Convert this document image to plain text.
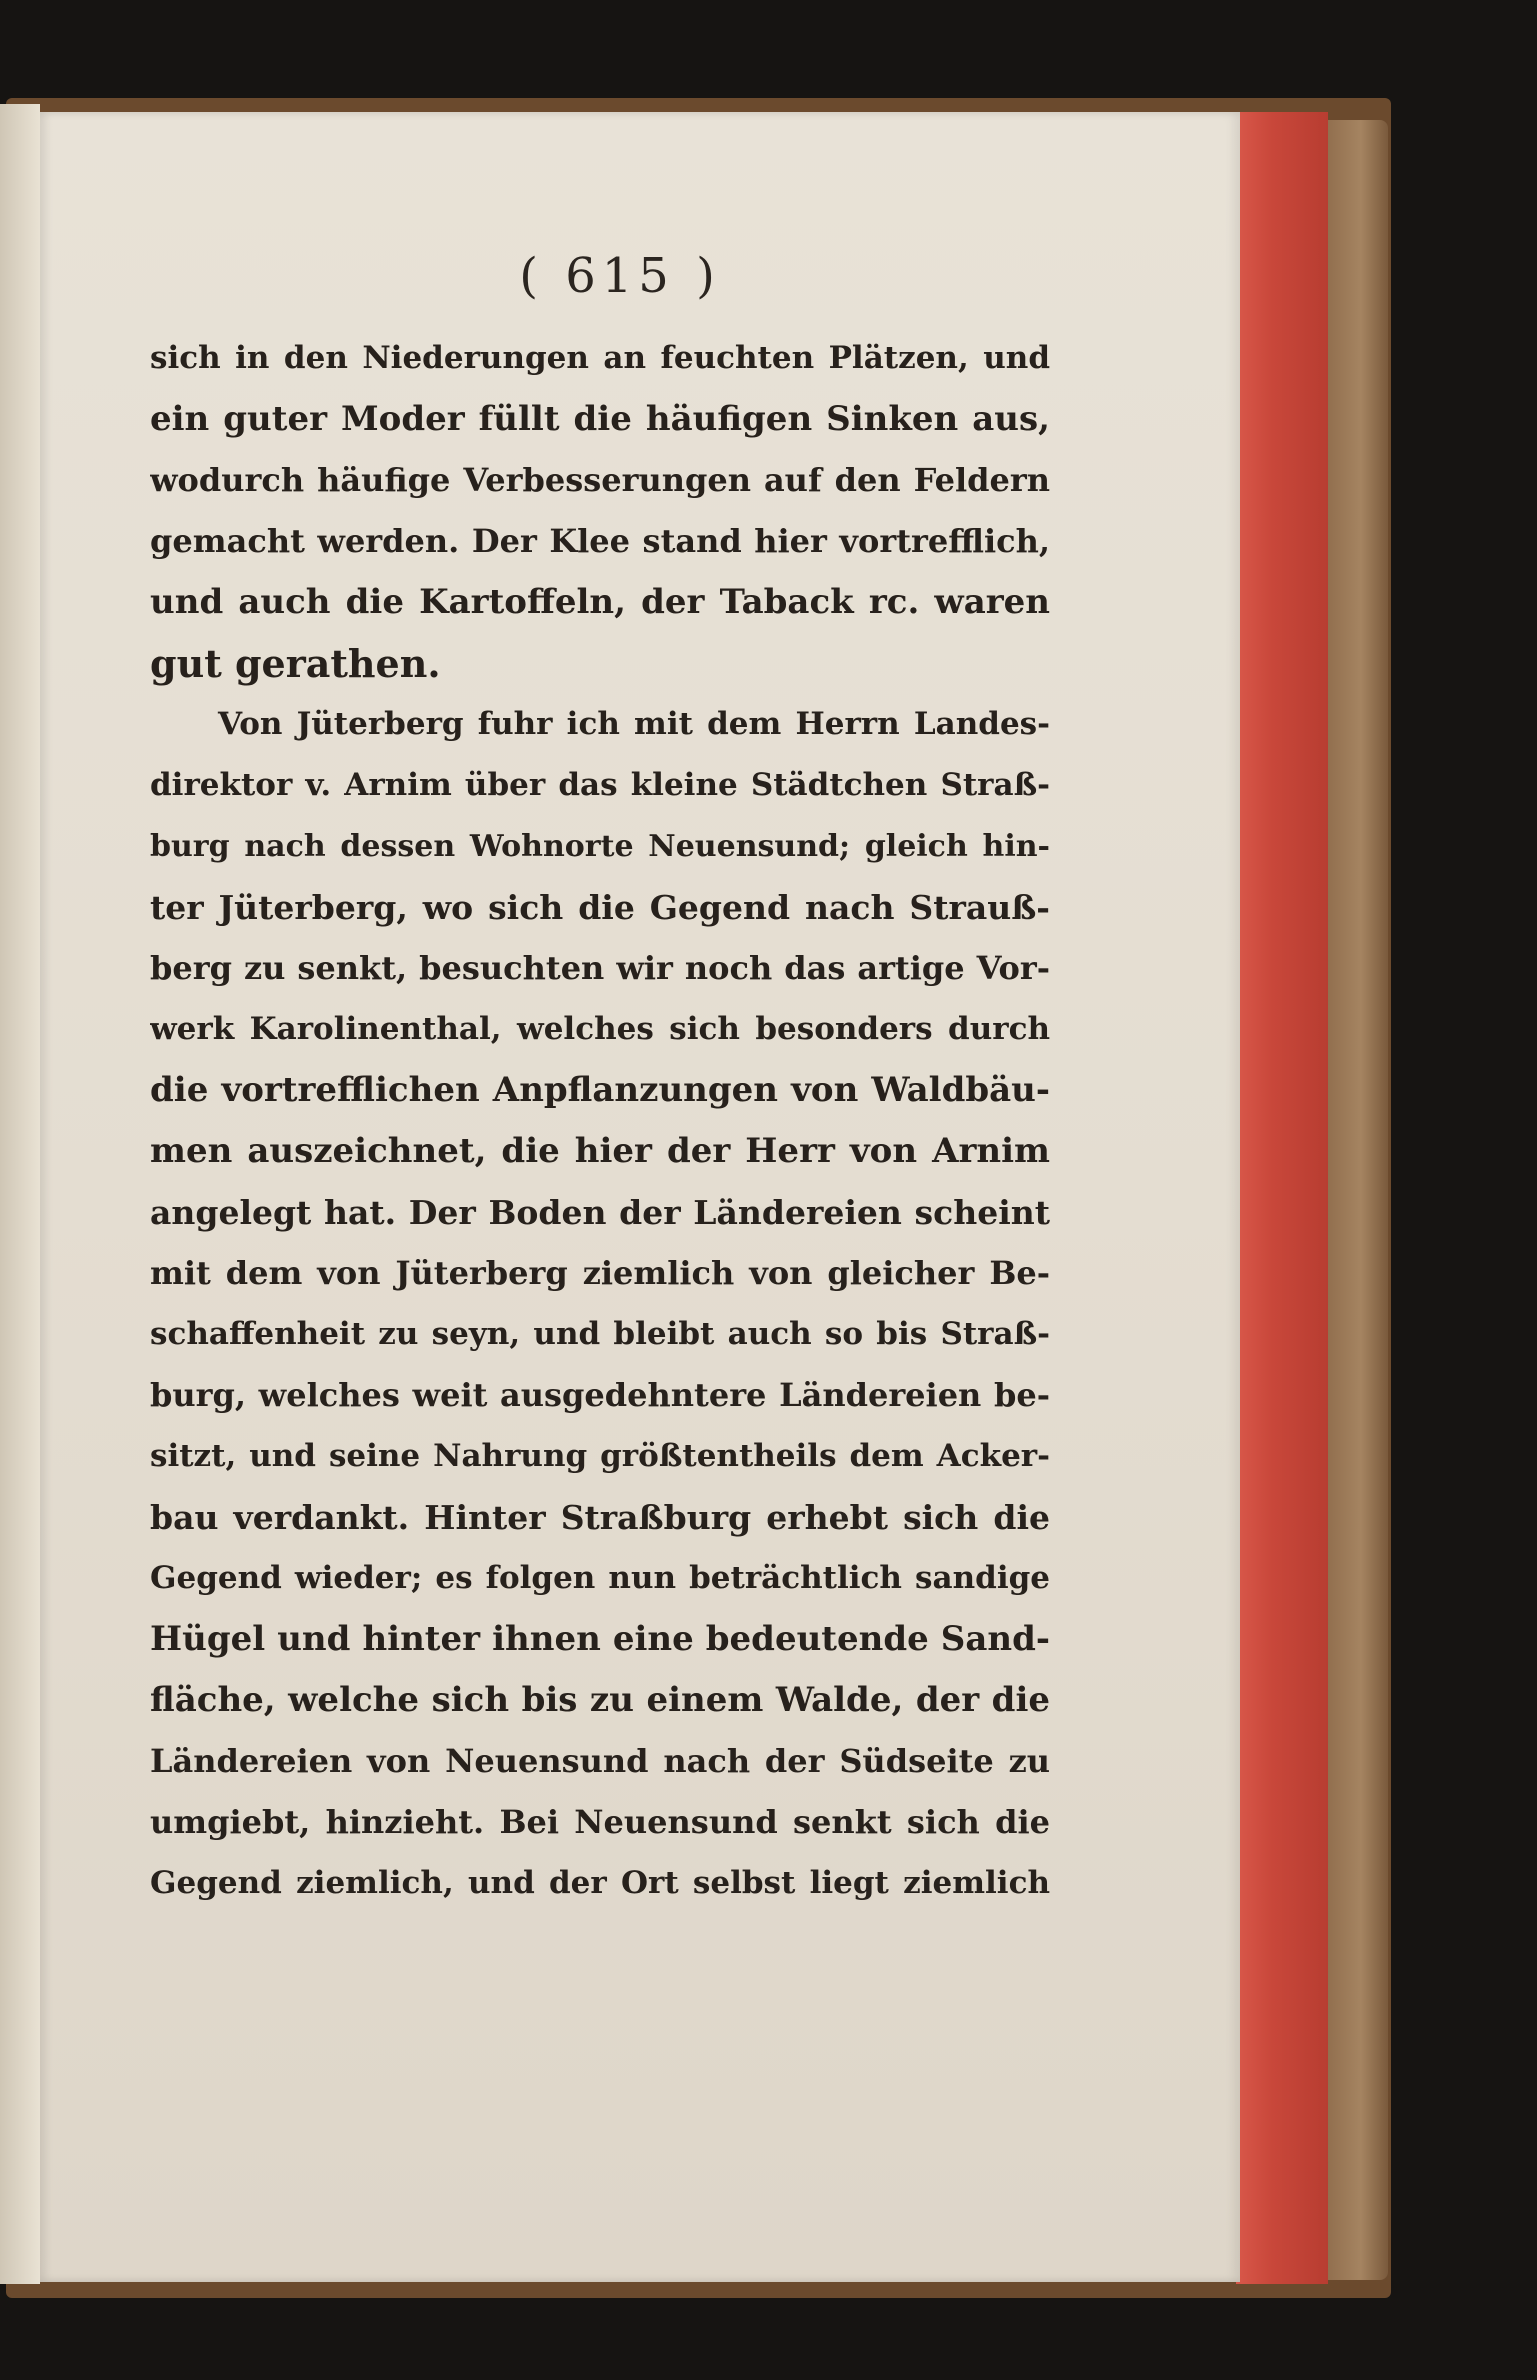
( 615 )
sich in den Niederungen an feuchten Plätzen, und
ein guter Moder füllt die häufigen Sinken aus,
wodurch häufige Verbesserungen auf den Feldern
gemacht werden. Der Klee stand hier vortrefflich,
und auch die Kartoffeln, der Taback rc. waren
gut gerathen.
Von Jüterberg fuhr ich mit dem Herrn Landes-
direktor v. Arnim über das kleine Städtchen Straß-
burg nach dessen Wohnorte Neuensund; gleich hin-
ter Jüterberg, wo sich die Gegend nach Strauß-
berg zu senkt, besuchten wir noch das artige Vor-
werk Karolinenthal, welches sich besonders durch
die vortrefflichen Anpflanzungen von Waldbäu-
men auszeichnet, die hier der Herr von Arnim
angelegt hat. Der Boden der Ländereien scheint
mit dem von Jüterberg ziemlich von gleicher Be-
schaffenheit zu seyn, und bleibt auch so bis Straß-
burg, welches weit ausgedehntere Ländereien be-
sitzt, und seine Nahrung größtentheils dem Acker-
bau verdankt. Hinter Straßburg erhebt sich die
Gegend wieder; es folgen nun beträchtlich sandige
Hügel und hinter ihnen eine bedeutende Sand-
fläche, welche sich bis zu einem Walde, der die
Ländereien von Neuensund nach der Südseite zu
umgiebt, hinzieht. Bei Neuensund senkt sich die
Gegend ziemlich, und der Ort selbst liegt ziemlich
